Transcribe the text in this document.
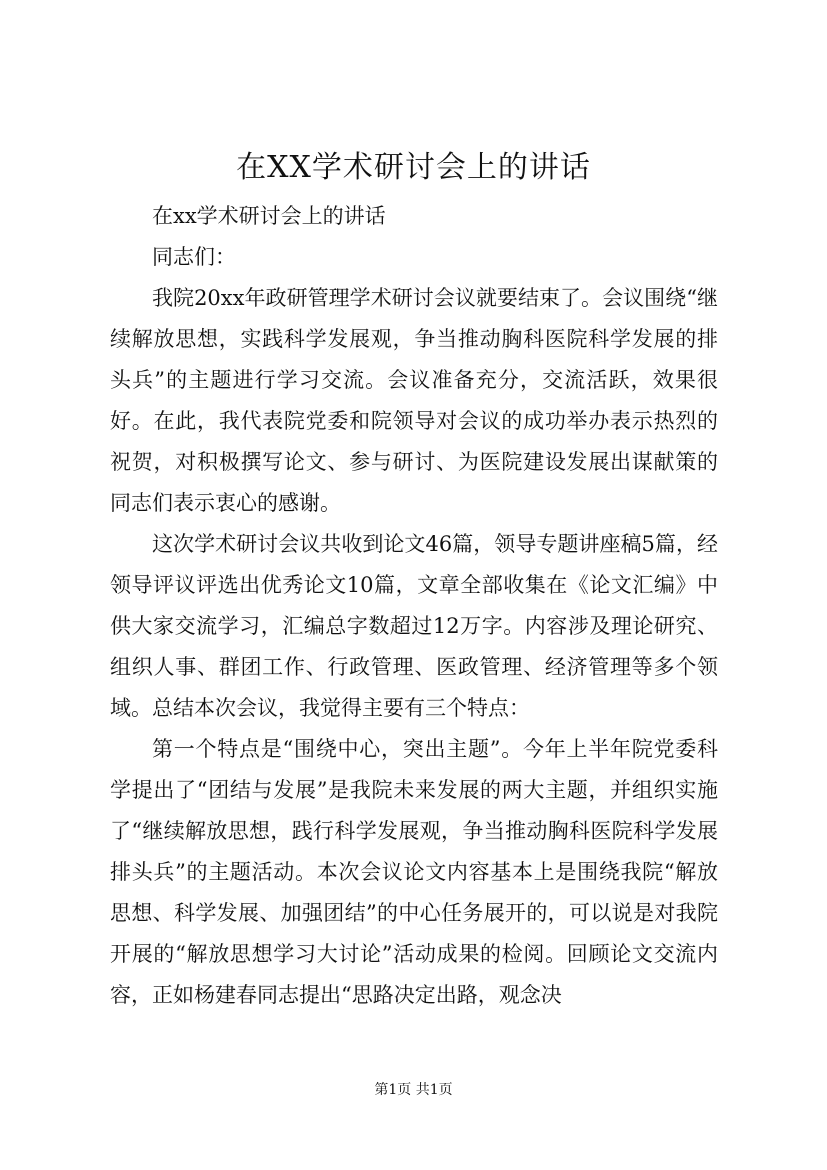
在XX学术研讨会上的讲话

在xx学术研讨会上的讲话

同志们：

我院20xx年政研管理学术研讨会议就要结束了。会议围绕“继续解放思想，实践科学发展观，争当推动胸科医院科学发展的排头兵”的主题进行学习交流。会议准备充分，交流活跃，效果很好。在此，我代表院党委和院领导对会议的成功举办表示热烈的祝贺，对积极撰写论文、参与研讨、为医院建设发展出谋献策的同志们表示衷心的感谢。

这次学术研讨会议共收到论文46篇，领导专题讲座稿5篇，经领导评议评选出优秀论文10篇，文章全部收集在《论文汇编》中供大家交流学习，汇编总字数超过12万字。内容涉及理论研究、组织人事、群团工作、行政管理、医政管理、经济管理等多个领域。总结本次会议，我觉得主要有三个特点：

第一个特点是“围绕中心，突出主题”。今年上半年院党委科学提出了“团结与发展”是我院未来发展的两大主题，并组织实施了“继续解放思想，践行科学发展观，争当推动胸科医院科学发展排头兵”的主题活动。本次会议论文内容基本上是围绕我院“解放思想、科学发展、加强团结”的中心任务展开的，可以说是对我院开展的“解放思想学习大讨论”活动成果的检阅。回顾论文交流内容，正如杨建春同志提出“思路决定出路，观念决

第1页 共1页
